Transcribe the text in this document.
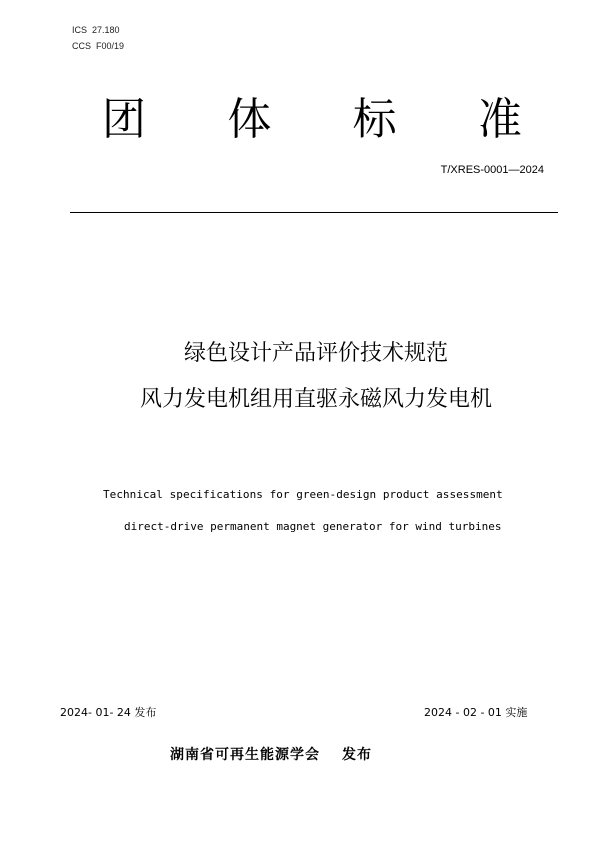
ICS  27.180
CCS  F00/19
团 体 标 准
T/XRES-0001—2024
绿色设计产品评价技术规范
风力发电机组用直驱永磁风力发电机
Technical specifications for green-design product assessment
direct-drive permanent magnet generator for wind turbines
2024- 01- 24 发布	2024 - 02 - 01 实施
湖南省可再生能源学会 发布
